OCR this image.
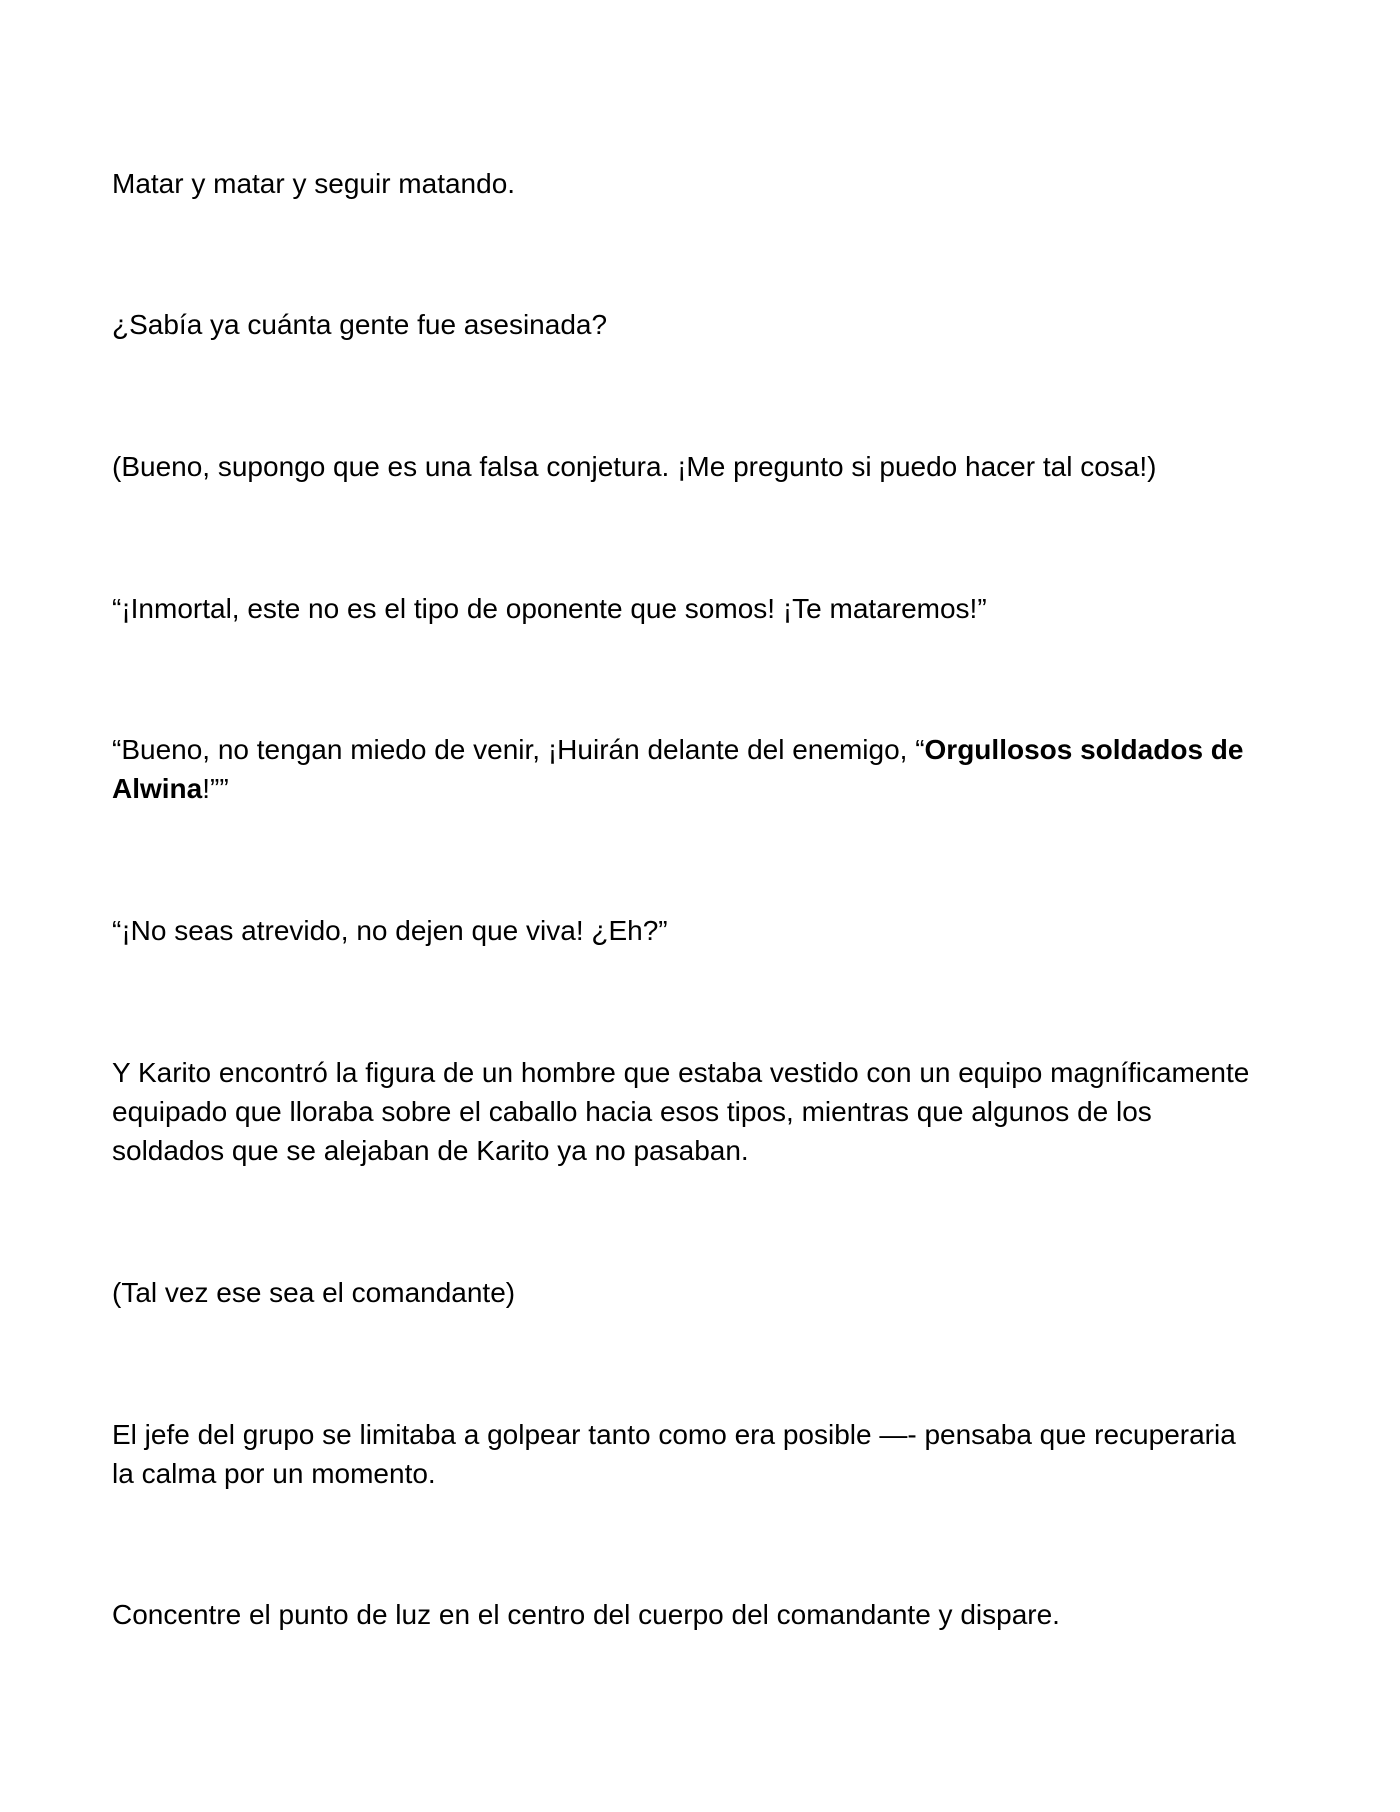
Matar y matar y seguir matando.

¿Sabía ya cuánta gente fue asesinada?

(Bueno, supongo que es una falsa conjetura. ¡Me pregunto si puedo hacer tal cosa!)

“¡Inmortal, este no es el tipo de oponente que somos! ¡Te mataremos!”

“Bueno, no tengan miedo de venir, ¡Huirán delante del enemigo, “Orgullosos soldados de Alwina!””

“¡No seas atrevido, no dejen que viva! ¿Eh?”

Y Karito encontró la figura de un hombre que estaba vestido con un equipo magníficamente equipado que lloraba sobre el caballo hacia esos tipos, mientras que algunos de los soldados que se alejaban de Karito ya no pasaban.

(Tal vez ese sea el comandante)

El jefe del grupo se limitaba a golpear tanto como era posible —- pensaba que recuperaria la calma por un momento.

Concentre el punto de luz en el centro del cuerpo del comandante y dispare.
